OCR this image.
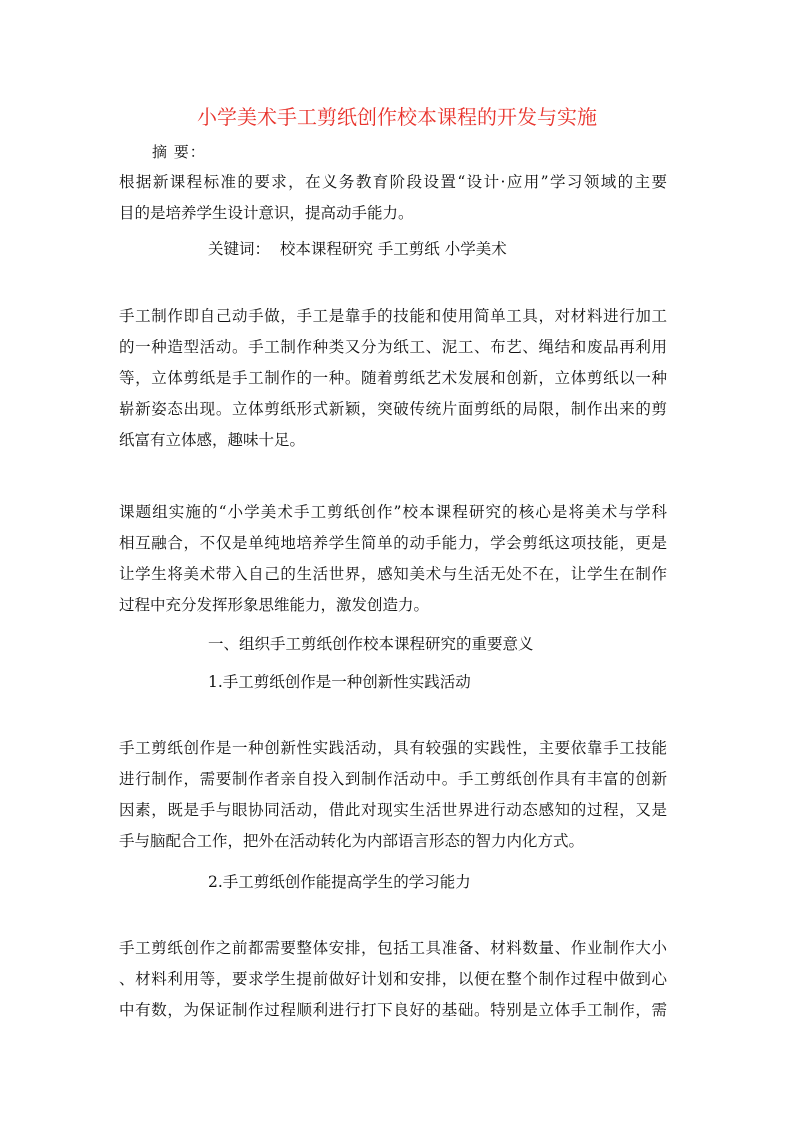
小学美术手工剪纸创作校本课程的开发与实施
摘 要：
根据新课程标准的要求，在义务教育阶段设置“设计·应用”学习领域的主要
目的是培养学生设计意识，提高动手能力。
关键词：  校本课程研究 手工剪纸 小学美术
手工制作即自己动手做，手工是靠手的技能和使用简单工具，对材料进行加工
的一种造型活动。手工制作种类又分为纸工、泥工、布艺、绳结和废品再利用
等，立体剪纸是手工制作的一种。随着剪纸艺术发展和创新，立体剪纸以一种
崭新姿态出现。立体剪纸形式新颖，突破传统片面剪纸的局限，制作出来的剪
纸富有立体感，趣味十足。
课题组实施的“小学美术手工剪纸创作”校本课程研究的核心是将美术与学科
相互融合，不仅是单纯地培养学生简单的动手能力，学会剪纸这项技能，更是
让学生将美术带入自己的生活世界，感知美术与生活无处不在，让学生在制作
过程中充分发挥形象思维能力，激发创造力。
一、组织手工剪纸创作校本课程研究的重要意义
1.手工剪纸创作是一种创新性实践活动
手工剪纸创作是一种创新性实践活动，具有较强的实践性，主要依靠手工技能
进行制作，需要制作者亲自投入到制作活动中。手工剪纸创作具有丰富的创新
因素，既是手与眼协同活动，借此对现实生活世界进行动态感知的过程，又是
手与脑配合工作，把外在活动转化为内部语言形态的智力内化方式。
2.手工剪纸创作能提高学生的学习能力
手工剪纸创作之前都需要整体安排，包括工具准备、材料数量、作业制作大小
、材料利用等，要求学生提前做好计划和安排，以便在整个制作过程中做到心
中有数，为保证制作过程顺利进行打下良好的基础。特别是立体手工制作，需
